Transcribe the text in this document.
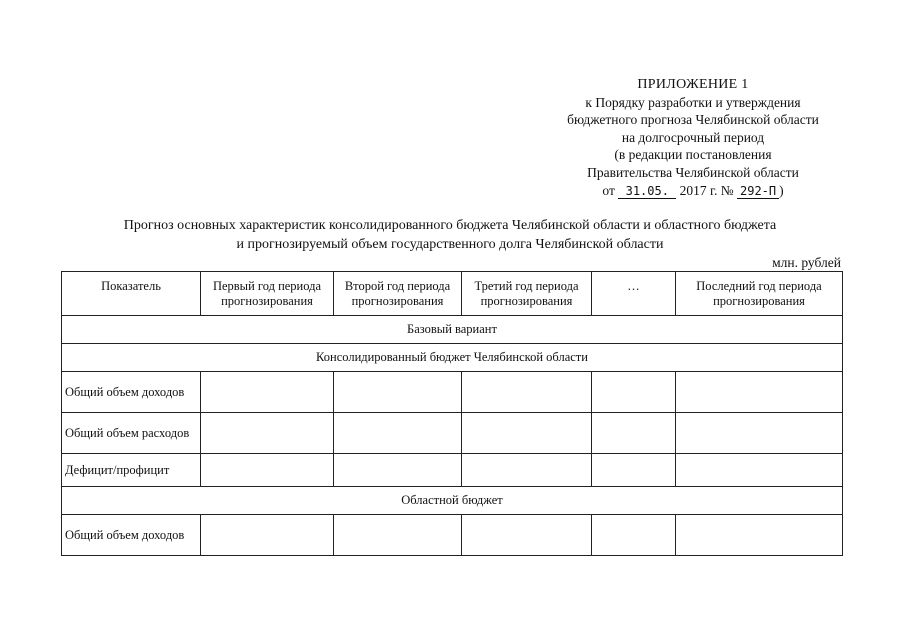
ПРИЛОЖЕНИЕ 1
к Порядку разработки и утверждения
бюджетного прогноза Челябинской области
на долгосрочный период
(в редакции постановления
Правительства Челябинской области
от 31.05. 2017 г. № 292-П )
Прогноз основных характеристик консолидированного бюджета Челябинской области и областного бюджета
и прогнозируемый объем государственного долга Челябинской области
млн. рублей
Показатель	Первый год периода прогнозирования	Второй год периода прогнозирования	Третий год периода прогнозирования	…	Последний год периода прогнозирования
Базовый вариант					
Консолидированный бюджет Челябинской области					
Общий объем доходов					
Общий объем расходов					
Дефицит/профицит					
Областной бюджет					
Общий объем доходов					
